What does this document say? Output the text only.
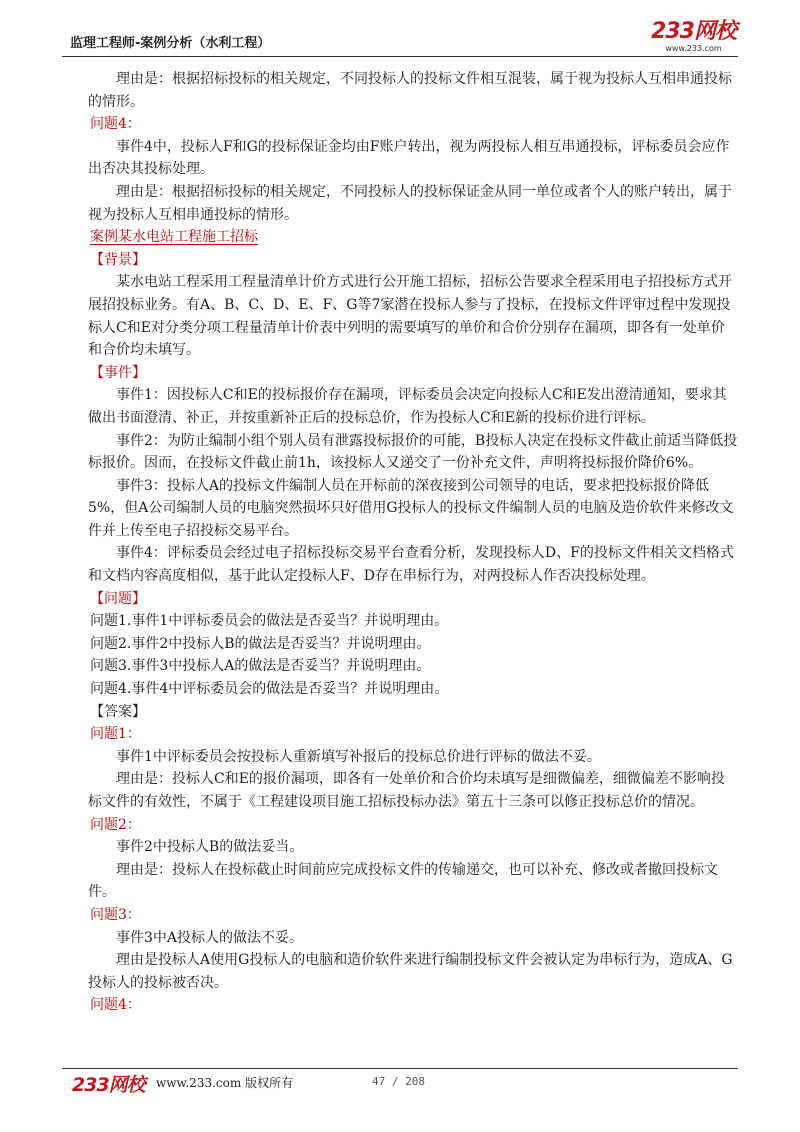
监理工程师-案例分析（水利工程）	233网校
www.233.com

理由是：根据招标投标的相关规定，不同投标人的投标文件相互混装，属于视为投标人互相串通投标的情形。

问题4：

事件4中，投标人F和G的投标保证金均由F账户转出，视为两投标人相互串通投标，评标委员会应作出否决其投标处理。

理由是：根据招标投标的相关规定，不同投标人的投标保证金从同一单位或者个人的账户转出，属于视为投标人互相串通投标的情形。

案例某水电站工程施工招标

【背景】

某水电站工程采用工程量清单计价方式进行公开施工招标，招标公告要求全程采用电子招投标方式开展招投标业务。有A、B、C、D、E、F、G等7家潜在投标人参与了投标，在投标文件评审过程中发现投标人C和E对分类分项工程量清单计价表中列明的需要填写的单价和合价分别存在漏项，即各有一处单价和合价均未填写。

【事件】

事件1：因投标人C和E的投标报价存在漏项，评标委员会决定向投标人C和E发出澄清通知，要求其做出书面澄清、补正，并按重新补正后的投标总价，作为投标人C和E新的投标价进行评标。

事件2：为防止编制小组个别人员有泄露投标报价的可能，B投标人决定在投标文件截止前适当降低投标报价。因而，在投标文件截止前1h，该投标人又递交了一份补充文件，声明将投标报价降价6%。

事件3：投标人A的投标文件编制人员在开标前的深夜接到公司领导的电话，要求把投标报价降低5%，但A公司编制人员的电脑突然损坏只好借用G投标人的投标文件编制人员的电脑及造价软件来修改文件并上传至电子招投标交易平台。

事件4：评标委员会经过电子招标投标交易平台查看分析，发现投标人D、F的投标文件相关文档格式和文档内容高度相似，基于此认定投标人F、D存在串标行为，对两投标人作否决投标处理。

【问题】

问题1.事件1中评标委员会的做法是否妥当？并说明理由。

问题2.事件2中投标人B的做法是否妥当？并说明理由。

问题3.事件3中投标人A的做法是否妥当？并说明理由。

问题4.事件4中评标委员会的做法是否妥当？并说明理由。

【答案】

问题1：

事件1中评标委员会按投标人重新填写补报后的投标总价进行评标的做法不妥。

理由是：投标人C和E的报价漏项，即各有一处单价和合价均未填写是细微偏差，细微偏差不影响投标文件的有效性，不属于《工程建设项目施工招标投标办法》第五十三条可以修正投标总价的情况。

问题2：

事件2中投标人B的做法妥当。

理由是：投标人在投标截止时间前应完成投标文件的传输递交，也可以补充、修改或者撤回投标文件。

问题3：

事件3中A投标人的做法不妥。

理由是投标人A使用G投标人的电脑和造价软件来进行编制投标文件会被认定为串标行为，造成A、G投标人的投标被否决。

问题4：

233网校 www.233.com 版权所有	47 / 208
